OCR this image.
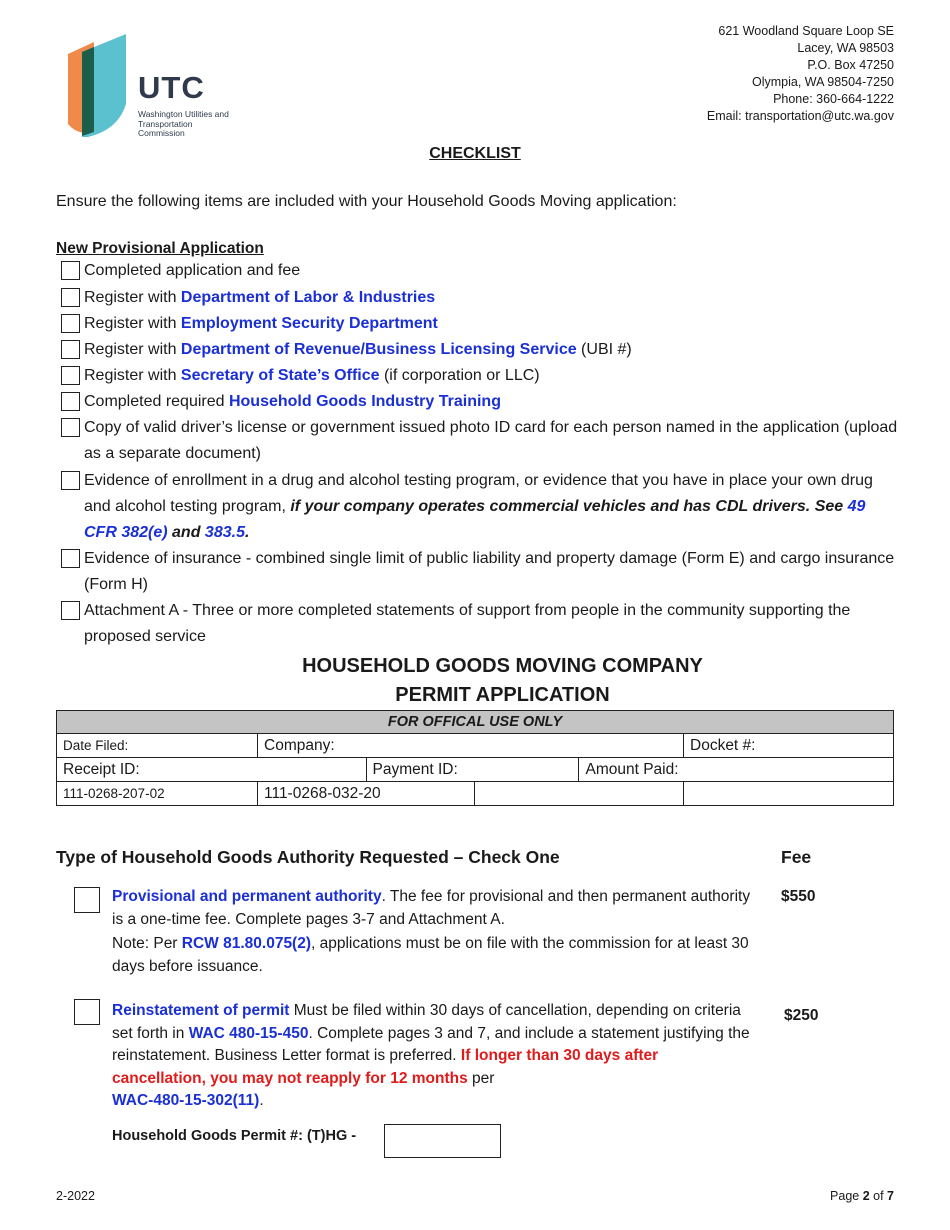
UTC
Washington Utilities and Transportation Commission
621 Woodland Square Loop SE
Lacey, WA 98503
P.O. Box 47250
Olympia, WA 98504-7250
Phone: 360-664-1222
Email: transportation@utc.wa.gov
CHECKLIST
Ensure the following items are included with your Household Goods Moving application:
New Provisional Application
Completed application and fee
Register with Department of Labor & Industries
Register with Employment Security Department
Register with Department of Revenue/Business Licensing Service (UBI #)
Register with Secretary of State’s Office (if corporation or LLC)
Completed required Household Goods Industry Training
Copy of valid driver’s license or government issued photo ID card for each person named in the application (upload as a separate document)
Evidence of enrollment in a drug and alcohol testing program, or evidence that you have in place your own drug and alcohol testing program, if your company operates commercial vehicles and has CDL drivers. See 49 CFR 382(e) and 383.5.
Evidence of insurance - combined single limit of public liability and property damage (Form E) and cargo insurance (Form H)
Attachment A - Three or more completed statements of support from people in the community supporting the proposed service
HOUSEHOLD GOODS MOVING COMPANY
PERMIT APPLICATION
FOR OFFICAL USE ONLY					
Date Filed:	Company:				Docket #:
Receipt ID:		Payment ID:		Amount Paid:	
111-0268-207-02	111-0268-032-20				
Type of Household Goods Authority Requested – Check One	Fee
Provisional and permanent authority. The fee for provisional and then permanent authority is a one-time fee. Complete pages 3-7 and Attachment A.
Note: Per RCW 81.80.075(2), applications must be on file with the commission for at least 30 days before issuance.
$550
Reinstatement of permit Must be filed within 30 days of cancellation, depending on criteria set forth in WAC 480-15-450. Complete pages 3 and 7, and include a statement justifying the reinstatement. Business Letter format is preferred. If longer than 30 days after cancellation, you may not reapply for 12 months per
WAC-480-15-302(11).
$250
Household Goods Permit #: (T)HG -
2-2022	Page 2 of 7
